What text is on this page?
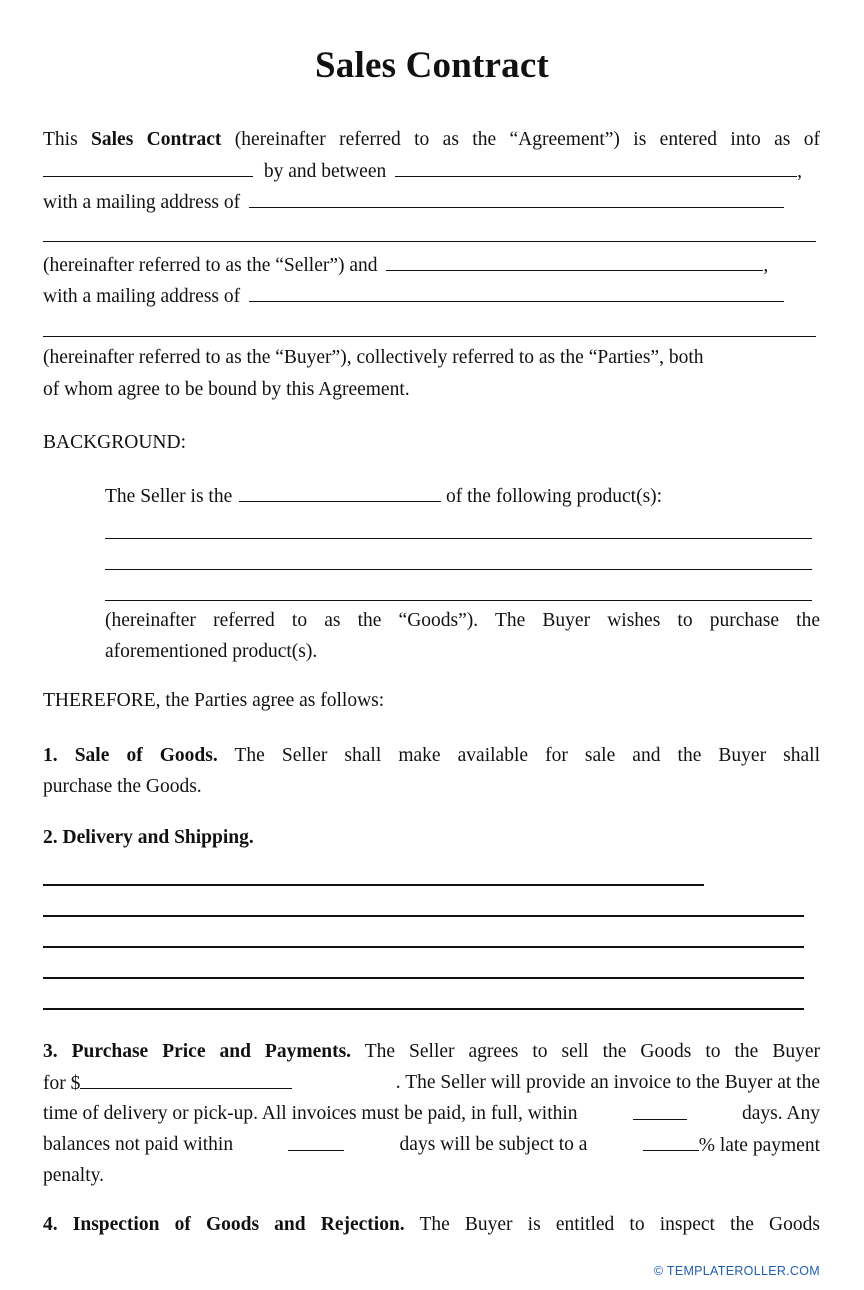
Sales Contract
This Sales Contract (hereinafter referred to as the “Agreement”) is entered into as of
by and between	,
with a mailing address of
(hereinafter referred to as the “Seller”) and	,
with a mailing address of
(hereinafter referred to as the “Buyer”), collectively referred to as the “Parties”, both
of whom agree to be bound by this Agreement.
BACKGROUND:
The Seller is the	of the following product(s):
(hereinafter referred to as the “Goods”). The Buyer wishes to purchase the
aforementioned product(s).
THEREFORE, the Parties agree as follows:
1. Sale of Goods. The Seller shall make available for sale and the Buyer shall
purchase the Goods.
2. Delivery and Shipping.
3. Purchase Price and Payments. The Seller agrees to sell the Goods to the Buyer
for $	. The Seller will provide an invoice to the Buyer at the
time of delivery or pick-up. All invoices must be paid, in full, within	days. Any
balances not paid within	days will be subject to a	% late payment
penalty.
4. Inspection of Goods and Rejection. The Buyer is entitled to inspect the Goods
© TEMPLATEROLLER.COM
